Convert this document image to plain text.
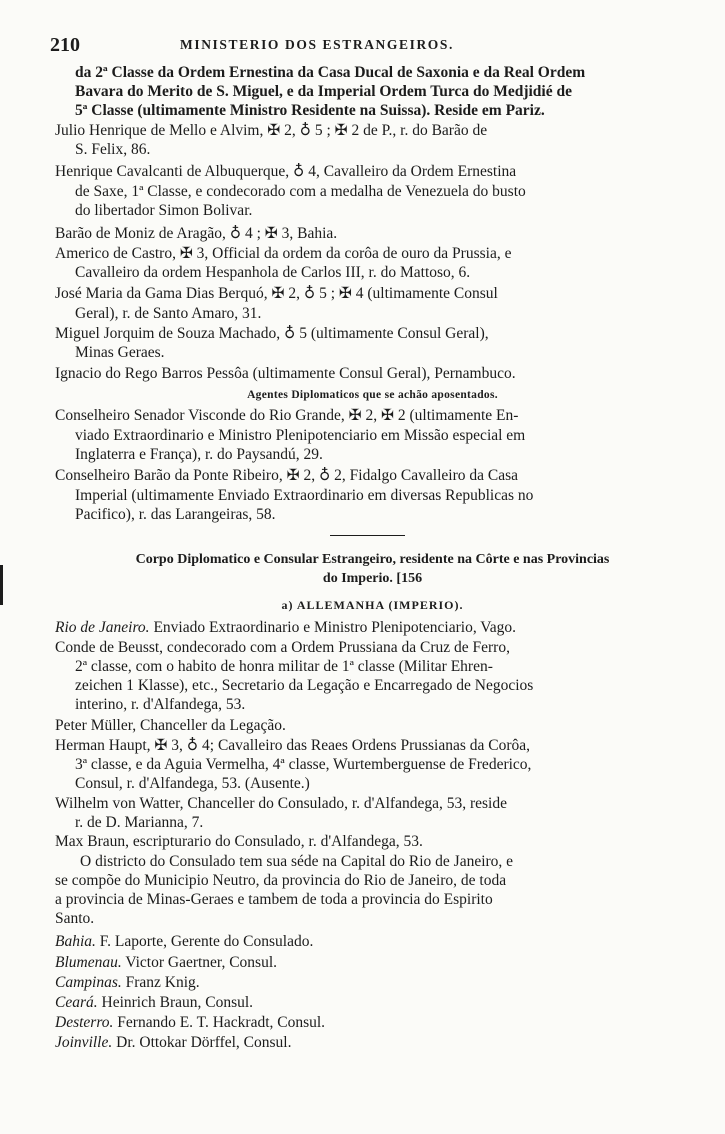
210	MINISTERIO DOS ESTRANGEIROS.
da 2ª Classe da Ordem Ernestina da Casa Ducal de Saxonia e da Real Ordem
Bavara do Merito de S. Miguel, e da Imperial Ordem Turca do Medjidié de
5ª Classe (ultimamente Ministro Residente na Suissa). Reside em Pariz.
Julio Henrique de Mello e Alvim, ✠ 2, ♁ 5 ; ✠ 2 de P., r. do Barão de
S. Felix, 86.
Henrique Cavalcanti de Albuquerque, ♁ 4, Cavalleiro da Ordem Ernestina
de Saxe, 1ª Classe, e condecorado com a medalha de Venezuela do busto
do libertador Simon Bolivar.
Barão de Moniz de Aragão, ♁ 4 ; ✠ 3, Bahia.
Americo de Castro, ✠ 3, Official da ordem da corôa de ouro da Prussia, e
Cavalleiro da ordem Hespanhola de Carlos III, r. do Mattoso, 6.
José Maria da Gama Dias Berquó, ✠ 2, ♁ 5 ; ✠ 4 (ultimamente Consul
Geral), r. de Santo Amaro, 31.
Miguel Jorquim de Souza Machado, ♁ 5 (ultimamente Consul Geral),
Minas Geraes.
Ignacio do Rego Barros Pessôa (ultimamente Consul Geral), Pernambuco.
Agentes Diplomaticos que se achão aposentados.
Conselheiro Senador Visconde do Rio Grande, ✠ 2, ✠ 2 (ultimamente En-
viado Extraordinario e Ministro Plenipotenciario em Missão especial em
Inglaterra e França), r. do Paysandú, 29.
Conselheiro Barão da Ponte Ribeiro, ✠ 2, ♁ 2, Fidalgo Cavalleiro da Casa
Imperial (ultimamente Enviado Extraordinario em diversas Republicas no
Pacifico), r. das Larangeiras, 58.
Corpo Diplomatico e Consular Estrangeiro, residente na Côrte e nas Provincias
do Imperio. [156
a) ALLEMANHA (IMPERIO).
Rio de Janeiro. Enviado Extraordinario e Ministro Plenipotenciario, Vago.
Conde de Beusst, condecorado com a Ordem Prussiana da Cruz de Ferro,
2ª classe, com o habito de honra militar de 1ª classe (Militar Ehren-
zeichen 1 Klasse), etc., Secretario da Legação e Encarregado de Negocios
interino, r. d'Alfandega, 53.
Peter Müller, Chanceller da Legação.
Herman Haupt, ✠ 3, ♁ 4; Cavalleiro das Reaes Ordens Prussianas da Corôa,
3ª classe, e da Aguia Vermelha, 4ª classe, Wurtemberguense de Frederico,
Consul, r. d'Alfandega, 53. (Ausente.)
Wilhelm von Watter, Chanceller do Consulado, r. d'Alfandega, 53, reside
r. de D. Marianna, 7.
Max Braun, escripturario do Consulado, r. d'Alfandega, 53.
O districto do Consulado tem sua séde na Capital do Rio de Janeiro, e
se compõe do Municipio Neutro, da provincia do Rio de Janeiro, de toda
a provincia de Minas-Geraes e tambem de toda a provincia do Espirito
Santo.
Bahia. F. Laporte, Gerente do Consulado.
Blumenau. Victor Gaertner, Consul.
Campinas. Franz Knig.
Ceará. Heinrich Braun, Consul.
Desterro. Fernando E. T. Hackradt, Consul.
Joinville. Dr. Ottokar Dörffel, Consul.
